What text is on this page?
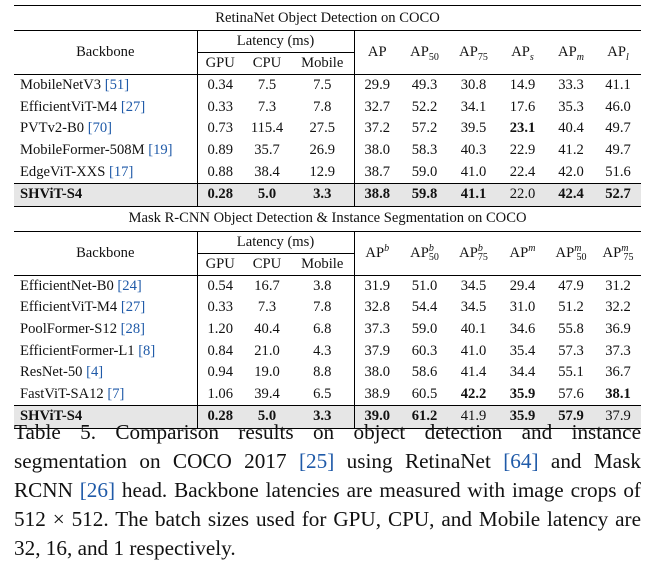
RetinaNet Object Detection on COCO									
Backbone	Latency (ms)			AP	$AP_{50}$	$AP_{75}$	$AP_s$	$AP_m$	$AP_l$
	GPU	CPU	Mobile						
MobileNetV3 [51]	0.34	7.5	7.5	29.9	49.3	30.8	14.9	33.3	41.1
EfficientViT-M4 [27]	0.33	7.3	7.8	32.7	52.2	34.1	17.6	35.3	46.0
PVTv2-B0 [70]	0.73	115.4	27.5	37.2	57.2	39.5	23.1	40.4	49.7
MobileFormer-508M [19]	0.89	35.7	26.9	38.0	58.3	40.3	22.9	41.2	49.7
EdgeViT-XXS [17]	0.88	38.4	12.9	38.7	59.0	41.0	22.4	42.0	51.6
SHViT-S4	0.28	5.0	3.3	38.8	59.8	41.1	22.0	42.4	52.7
Mask R-CNN Object Detection & Instance Segmentation on COCO									
Backbone	Latency (ms)			$AP^b$	$AP^b_{50}$	$AP^b_{75}$	$AP^m$	$AP^m_{50}$	$AP^m_{75}$
	GPU	CPU	Mobile						
EfficientNet-B0 [24]	0.54	16.7	3.8	31.9	51.0	34.5	29.4	47.9	31.2
EfficientViT-M4 [27]	0.33	7.3	7.8	32.8	54.4	34.5	31.0	51.2	32.2
PoolFormer-S12 [28]	1.20	40.4	6.8	37.3	59.0	40.1	34.6	55.8	36.9
EfficientFormer-L1 [8]	0.84	21.0	4.3	37.9	60.3	41.0	35.4	57.3	37.3
ResNet-50 [4]	0.94	19.0	8.8	38.0	58.6	41.4	34.4	55.1	36.7
FastViT-SA12 [7]	1.06	39.4	6.5	38.9	60.5	42.2	35.9	57.6	38.1
SHViT-S4	0.28	5.0	3.3	39.0	61.2	41.9	35.9	57.9	37.9
Table 5. Comparison results on object detection and instance segmentation on COCO 2017 [25] using RetinaNet [64] and Mask RCNN [26] head. Backbone latencies are measured with image crops of 512 × 512. The batch sizes used for GPU, CPU, and Mobile latency are 32, 16, and 1 respectively.
